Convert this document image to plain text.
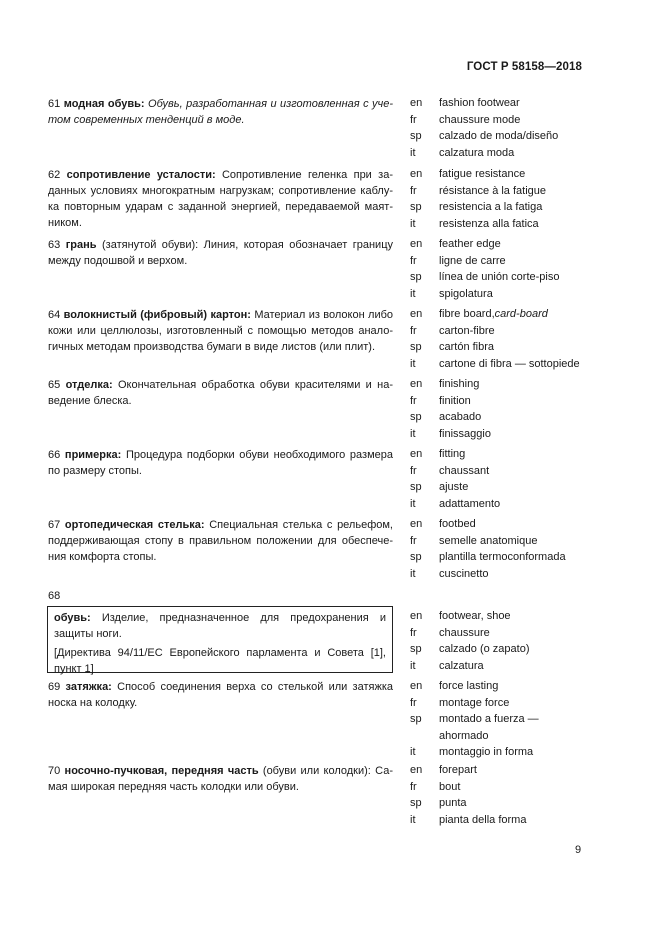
ГОСТ Р 58158—2018
61 модная обувь: Обувь, разработанная и изготовленная с уче-том современных тенденций в моде.
en	fashion footwear
fr	chaussure mode
sp	calzado de moda/diseño
it	calzatura moda
62 сопротивление усталости: Сопротивление геленка при за-данных условиях многократным нагрузкам; сопротивление каблу-ка повторным ударам с заданной энергией, передаваемой маят-ником.
en	fatigue resistance
fr	résistance à la fatigue
sp	resistencia a la fatiga
it	resistenza alla fatica
63 грань (затянутой обуви): Линия, которая обозначает границу между подошвой и верхом.
en	feather edge
fr	ligne de carre
sp	línea de unión corte-piso
it	spigolatura
64 волокнистый (фибровый) картон: Материал из волокон либо кожи или целлюлозы, изготовленный с помощью методов анало-гичных методам производства бумаги в виде листов (или плит).
en	fibre board, card-board
fr	carton-fibre
sp	cartón fibra
it	cartone di fibra — sottopiede
65 отделка: Окончательная обработка обуви красителями и на-ведение блеска.
en	finishing
fr	finition
sp	acabado
it	finissaggio
66 примерка: Процедура подборки обуви необходимого размера по размеру стопы.
en	fitting
fr	chaussant
sp	ajuste
it	adattamento
67 ортопедическая стелька: Специальная стелька с рельефом, поддерживающая стопу в правильном положении для обеспече-ния комфорта стопы.
en	footbed
fr	semelle anatomique
sp	plantilla termoconformada
it	cuscinetto
68

обувь: Изделие, предназначенное для предохранения и защиты ноги.

[Директива 94/11/ЕС Европейского парламента и Совета [1], пункт 1]

en	footwear, shoe
fr	chaussure
sp	calzado (o zapato)
it	calzatura
69 затяжка: Способ соединения верха со стелькой или затяжка носка на колодку.
en	force lasting
fr	montage force
sp	montado a fuerza —
ahormado
it	montaggio in forma
70 носочно-пучковая, передняя часть (обуви или колодки): Са-мая широкая передняя часть колодки или обуви.
en	forepart
fr	bout
sp	punta
it	pianta della forma
9
